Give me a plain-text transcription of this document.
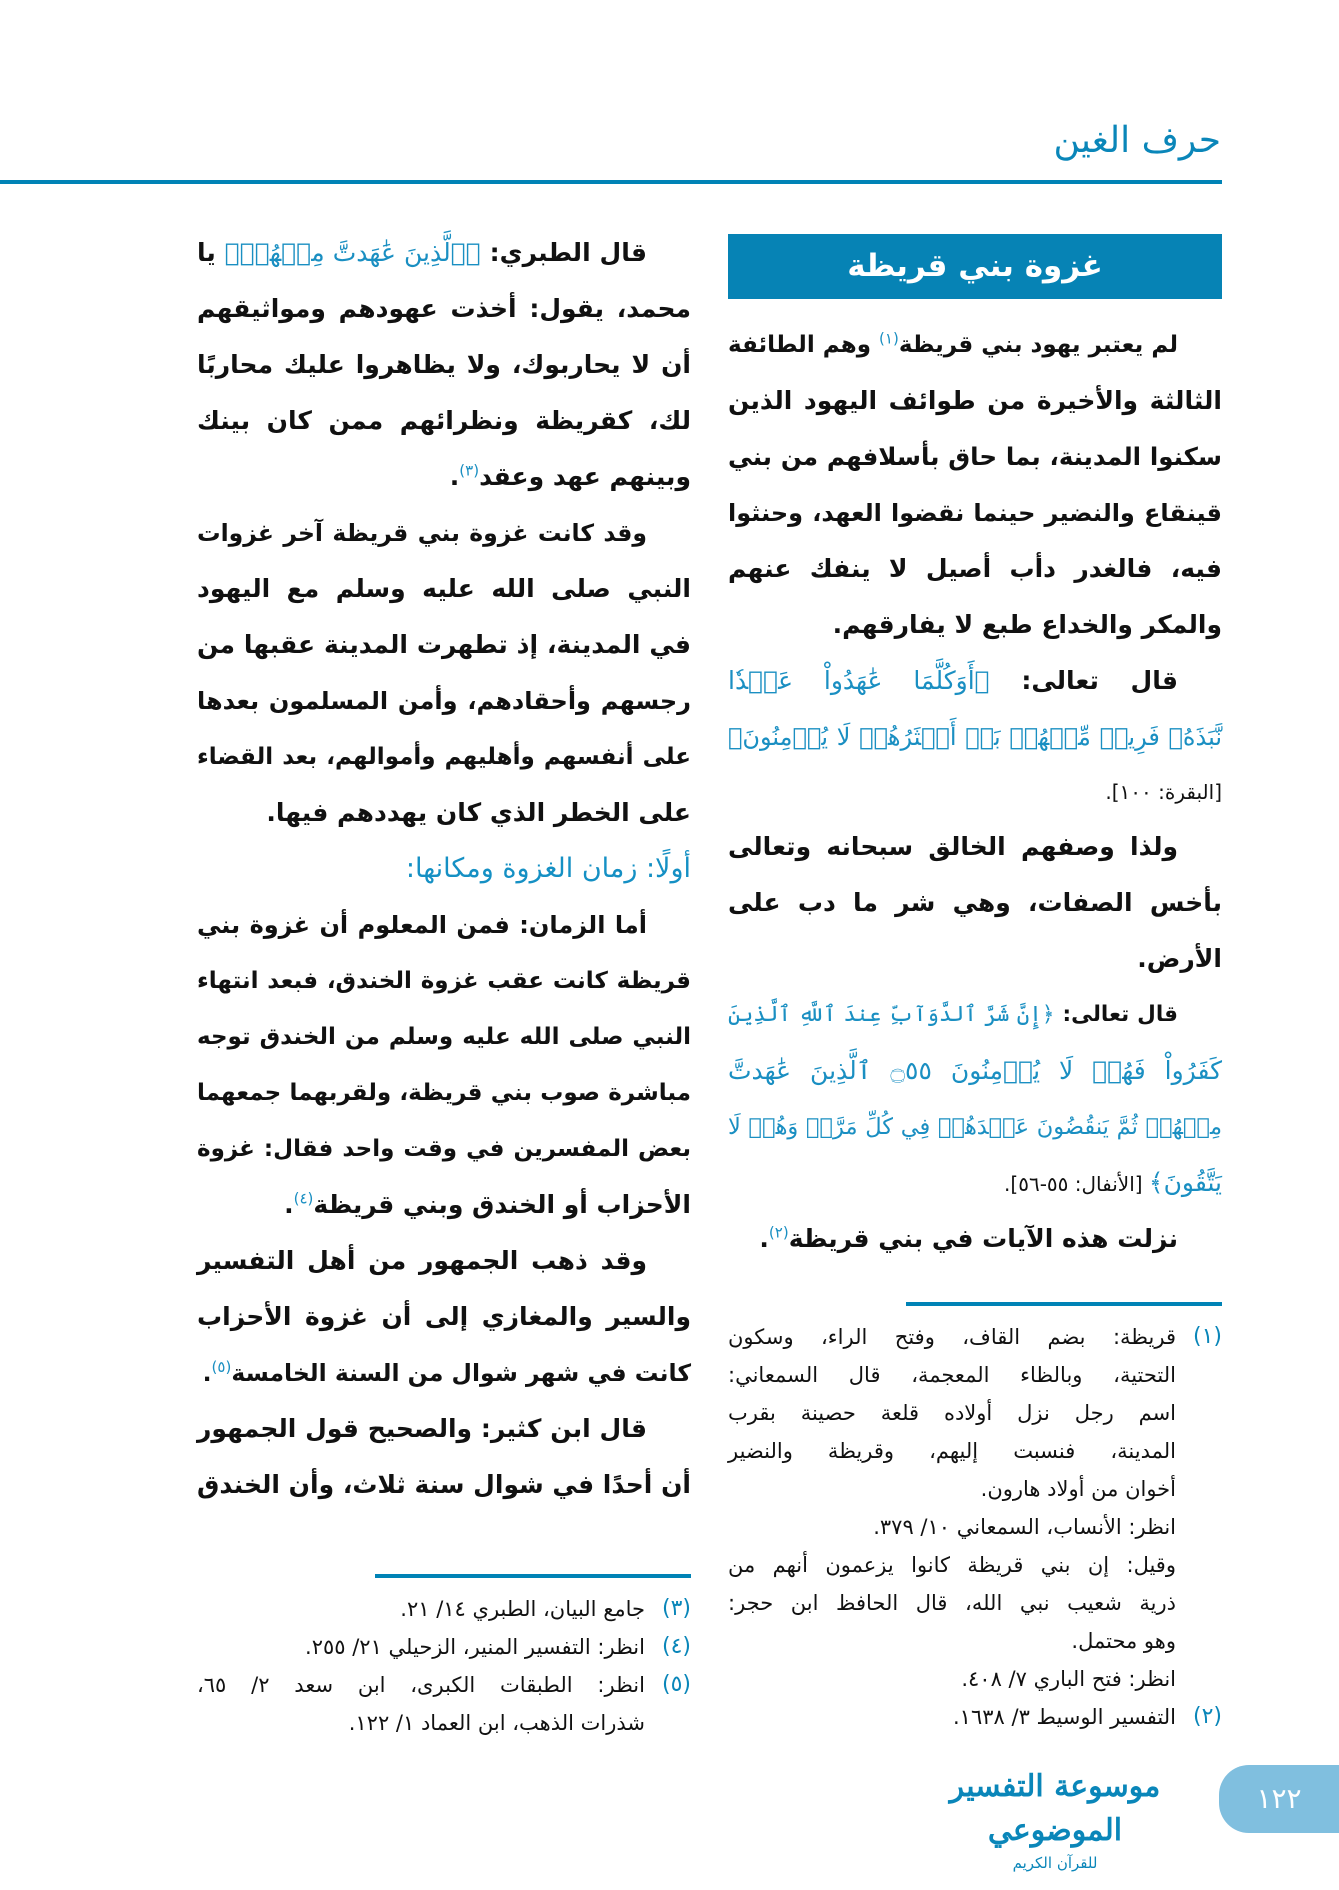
حرف الغين
غزوة بني قريظة
لم يعتبر يهود بني قريظة$^{(١)}$ وهم الطائفة
الثالثة والأخيرة من طوائف اليهود الذين
سكنوا المدينة، بما حاق بأسلافهم من بني
قينقاع والنضير حينما نقضوا العهد، وحنثوا
فيه، فالغدر دأب أصيل لا ينفك عنهم
والمكر والخداع طبع لا يفارقهم.
قال تعالى: ﴿أَوَكُلَّمَا عَٰهَدُواْ عَهۡدٗا
نَّبَذَهُۥ فَرِيقٞ مِّنۡهُمۚ بَلۡ أَكۡثَرُهُمۡ لَا يُؤۡمِنُونَ﴾
[البقرة: ١٠٠].
ولذا وصفهم الخالق سبحانه وتعالى
بأخس الصفات، وهي شر ما دب على
الأرض.
قال تعالى: ﴿إِنَّ شَرَّ ٱلدَّوَآبِّ عِندَ ٱللَّهِ ٱلَّذِينَ
كَفَرُواْ فَهُمۡ لَا يُؤۡمِنُونَ ۝٥٥ ٱلَّذِينَ عَٰهَدتَّ
مِنۡهُمۡ ثُمَّ يَنقُضُونَ عَهۡدَهُمۡ فِي كُلِّ مَرَّةٖ وَهُمۡ لَا
يَتَّقُونَ﴾ [الأنفال: ٥٥-٥٦].
نزلت هذه الآيات في بني قريظة$^{(٢)}$.
قال الطبري: ﴿ٱلَّذِينَ عَٰهَدتَّ مِنۡهُمۡ﴾ يا
محمد، يقول: أخذت عهودهم ومواثيقهم
أن لا يحاربوك، ولا يظاهروا عليك محاربًا
لك، كقريظة ونظرائهم ممن كان بينك
وبينهم عهد وعقد$^{(٣)}$.
وقد كانت غزوة بني قريظة آخر غزوات
النبي صلى الله عليه وسلم مع اليهود
في المدينة، إذ تطهرت المدينة عقبها من
رجسهم وأحقادهم، وأمن المسلمون بعدها
على أنفسهم وأهليهم وأموالهم، بعد القضاء
على الخطر الذي كان يهددهم فيها.
أولًا: زمان الغزوة ومكانها:
أما الزمان: فمن المعلوم أن غزوة بني
قريظة كانت عقب غزوة الخندق، فبعد انتهاء
النبي صلى الله عليه وسلم من الخندق توجه
مباشرة صوب بني قريظة، ولقربهما جمعهما
بعض المفسرين في وقت واحد فقال: غزوة
الأحزاب أو الخندق وبني قريظة$^{(٤)}$.
وقد ذهب الجمهور من أهل التفسير
والسير والمغازي إلى أن غزوة الأحزاب
كانت في شهر شوال من السنة الخامسة$^{(٥)}$.
قال ابن كثير: والصحيح قول الجمهور
أن أحدًا في شوال سنة ثلاث، وأن الخندق
(١)
قريظة: بضم القاف، وفتح الراء، وسكون
التحتية، وبالظاء المعجمة، قال السمعاني:
اسم رجل نزل أولاده قلعة حصينة بقرب
المدينة، فنسبت إليهم، وقريظة والنضير
أخوان من أولاد هارون.
انظر: الأنساب، السمعاني ١٠/ ٣٧٩.
وقيل: إن بني قريظة كانوا يزعمون أنهم من
ذرية شعيب نبي الله، قال الحافظ ابن حجر:
وهو محتمل.
انظر: فتح الباري ٧/ ٤٠٨.
(٢)
التفسير الوسيط ٣/ ١٦٣٨.
(٣)
جامع البيان، الطبري ١٤/ ٢١.
(٤)
انظر: التفسير المنير، الزحيلي ٢١/ ٢٥٥.
(٥)
انظر: الطبقات الكبرى، ابن سعد ٢/ ٦٥،
شذرات الذهب، ابن العماد ١/ ١٢٢.
موسوعة التفسير الموضوعي
للقرآن الكريم
١٢٢
